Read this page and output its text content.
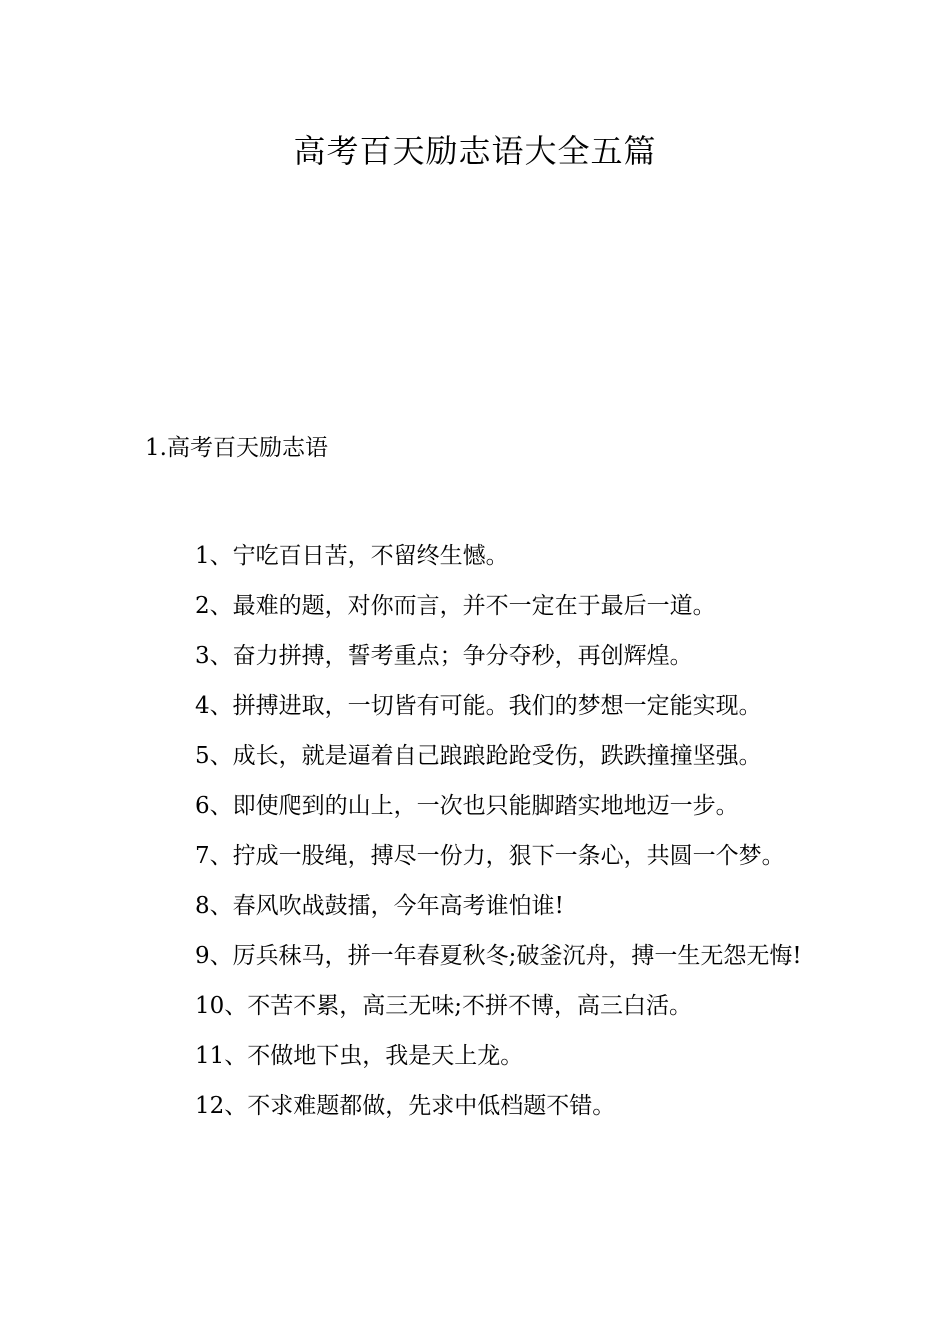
高考百天励志语大全五篇
1.高考百天励志语
1、宁吃百日苦，不留终生憾。
2、最难的题，对你而言，并不一定在于最后一道。
3、奋力拼搏，誓考重点；争分夺秒，再创辉煌。
4、拼搏进取，一切皆有可能。我们的梦想一定能实现。
5、成长，就是逼着自己踉踉跄跄受伤，跌跌撞撞坚强。
6、即使爬到的山上，一次也只能脚踏实地地迈一步。
7、拧成一股绳，搏尽一份力，狠下一条心，共圆一个梦。
8、春风吹战鼓擂，今年高考谁怕谁!
9、厉兵秣马，拼一年春夏秋冬;破釜沉舟，搏一生无怨无悔!
10、不苦不累，高三无味;不拼不博，高三白活。
11、不做地下虫，我是天上龙。
12、不求难题都做，先求中低档题不错。
